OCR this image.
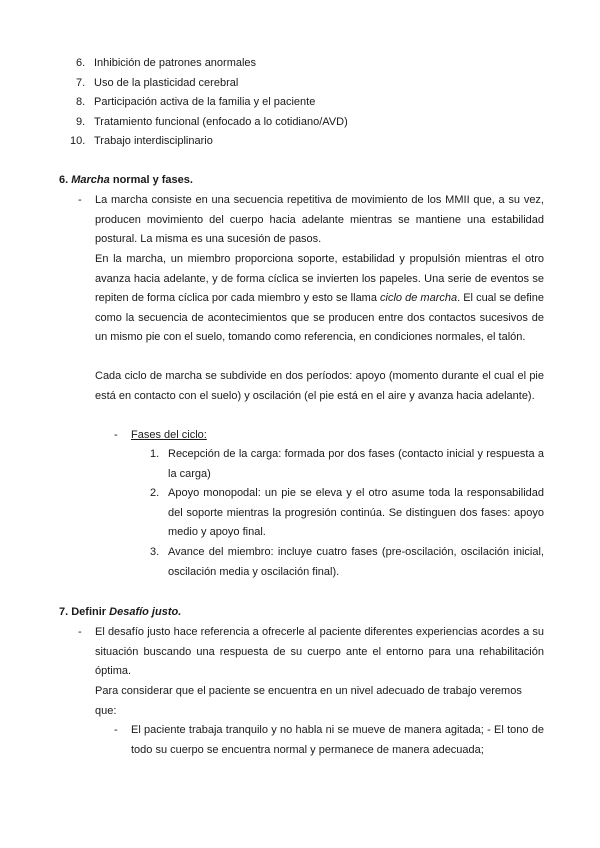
6. Inhibición de patrones anormales
7. Uso de la plasticidad cerebral
8. Participación activa de la familia y el paciente
9. Tratamiento funcional (enfocado a lo cotidiano/AVD)
10. Trabajo interdisciplinario
6. Marcha normal y fases.
- La marcha consiste en una secuencia repetitiva de movimiento de los MMII que, a su vez, producen movimiento del cuerpo hacia adelante mientras se mantiene una estabilidad postural. La misma es una sucesión de pasos.
En la marcha, un miembro proporciona soporte, estabilidad y propulsión mientras el otro avanza hacia adelante, y de forma cíclica se invierten los papeles. Una serie de eventos se repiten de forma cíclica por cada miembro y esto se llama ciclo de marcha. El cual se define como la secuencia de acontecimientos que se producen entre dos contactos sucesivos de un mismo pie con el suelo, tomando como referencia, en condiciones normales, el talón.
Cada ciclo de marcha se subdivide en dos períodos: apoyo (momento durante el cual el pie está en contacto con el suelo) y oscilación (el pie está en el aire y avanza hacia adelante).
- Fases del ciclo:
1. Recepción de la carga: formada por dos fases (contacto inicial y respuesta a la carga)
2. Apoyo monopodal: un pie se eleva y el otro asume toda la responsabilidad del soporte mientras la progresión continúa. Se distinguen dos fases: apoyo medio y apoyo final.
3. Avance del miembro: incluye cuatro fases (pre-oscilación, oscilación inicial, oscilación media y oscilación final).
7. Definir Desafío justo.
- El desafío justo hace referencia a ofrecerle al paciente diferentes experiencias acordes a su situación buscando una respuesta de su cuerpo ante el entorno para una rehabilitación óptima.
Para considerar que el paciente se encuentra en un nivel adecuado de trabajo veremos que:
- El paciente trabaja tranquilo y no habla ni se mueve de manera agitada; - El tono de todo su cuerpo se encuentra normal y permanece de manera adecuada;
